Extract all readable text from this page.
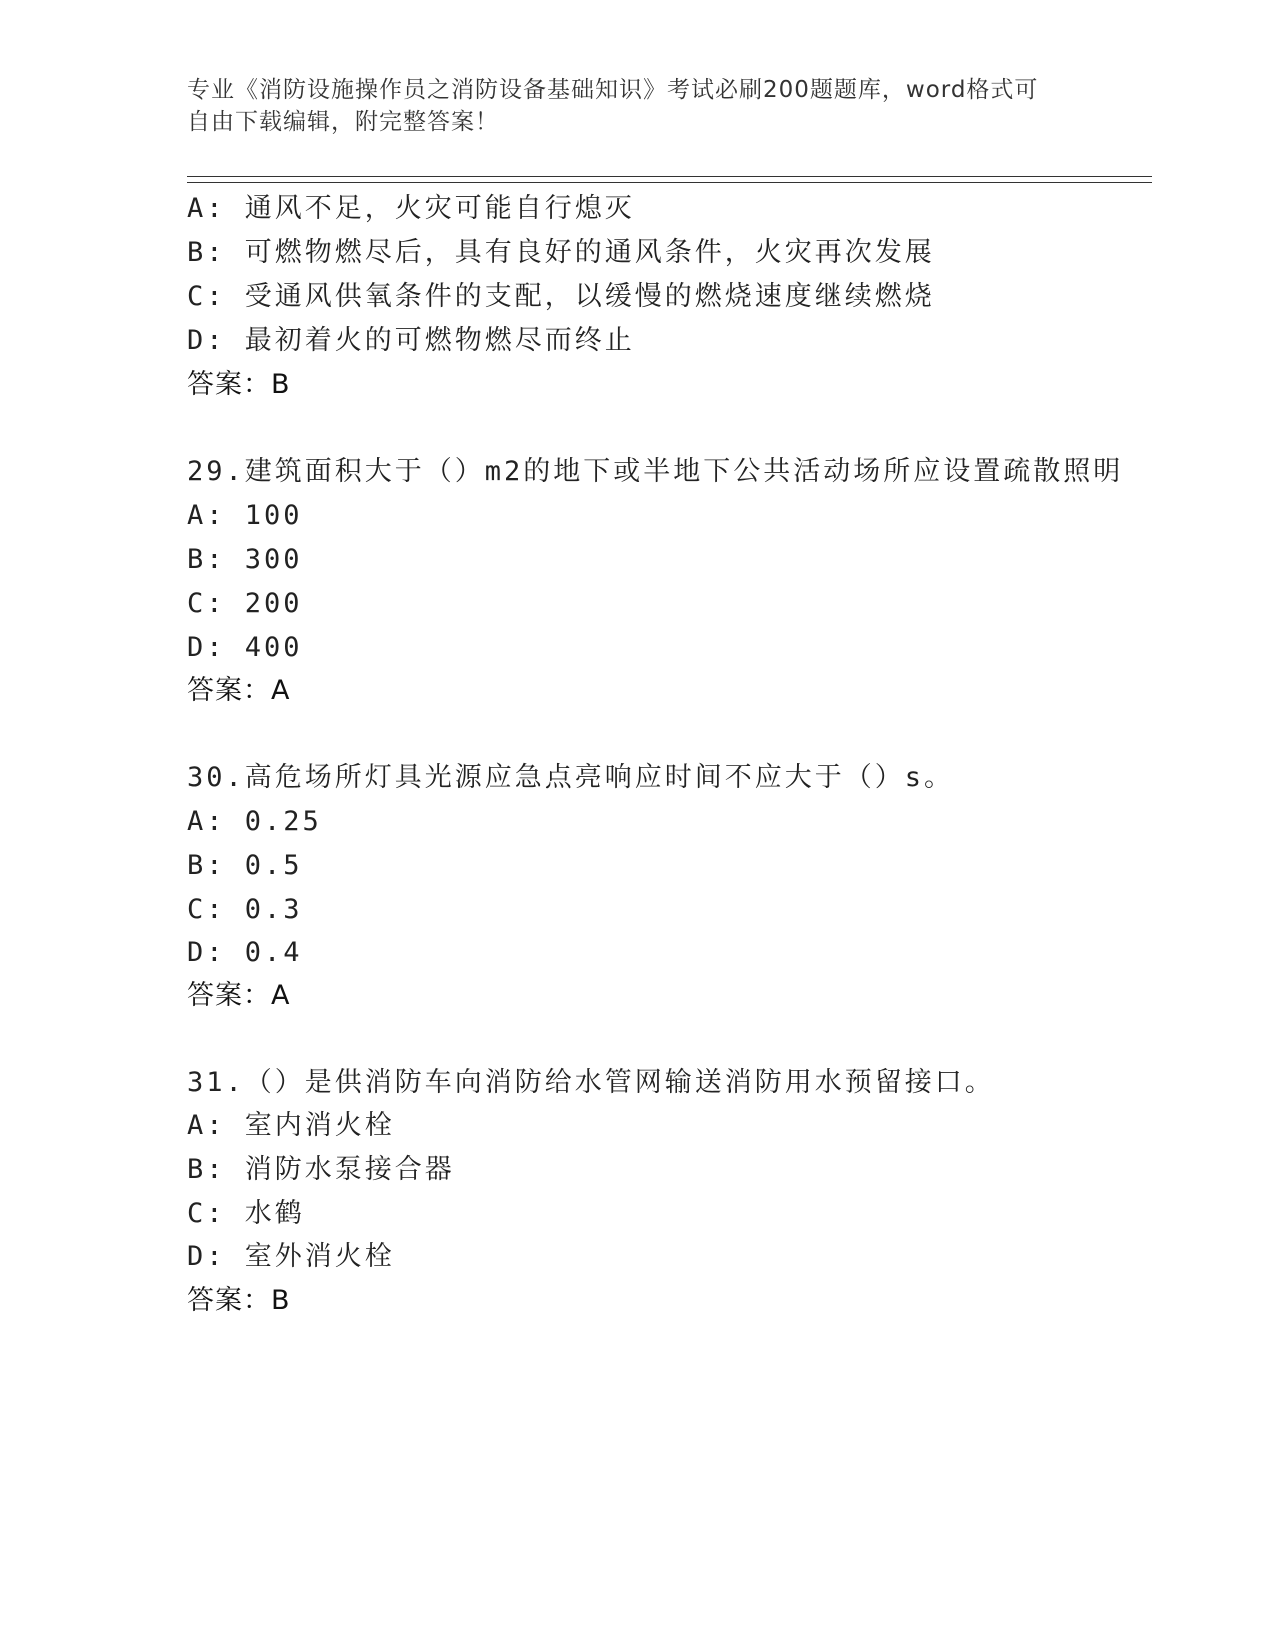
专业《消防设施操作员之消防设备基础知识》考试必刷200题题库，word格式可
自由下载编辑，附完整答案！
A: 通风不足，火灾可能自行熄灭
B: 可燃物燃尽后，具有良好的通风条件，火灾再次发展
C: 受通风供氧条件的支配，以缓慢的燃烧速度继续燃烧
D: 最初着火的可燃物燃尽而终止
答案：B
29.建筑面积大于（）m2的地下或半地下公共活动场所应设置疏散照明
A: 100
B: 300
C: 200
D: 400
答案：A
30.高危场所灯具光源应急点亮响应时间不应大于（）s。
A: 0.25
B: 0.5
C: 0.3
D: 0.4
答案：A
31.（）是供消防车向消防给水管网输送消防用水预留接口。
A: 室内消火栓
B: 消防水泵接合器
C: 水鹤
D: 室外消火栓
答案：B
